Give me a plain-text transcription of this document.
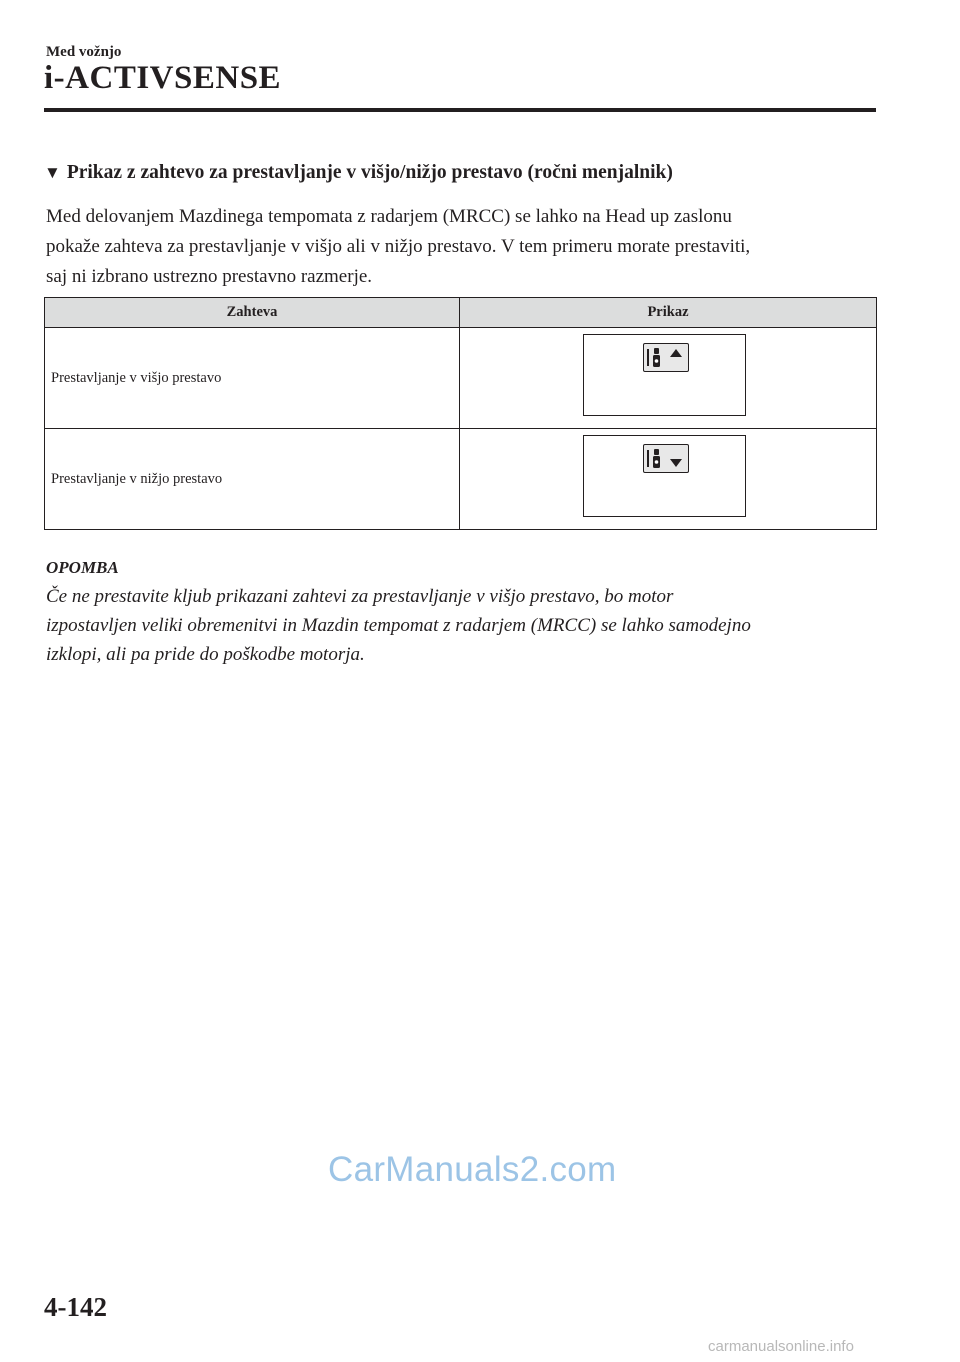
Med vožnjo
i-ACTIVSENSE
▼ Prikaz z zahtevo za prestavljanje v višjo/nižjo prestavo (ročni menjalnik)

Med delovanjem Mazdinega tempomata z radarjem (MRCC) se lahko na Head up zaslonu
pokaže zahteva za prestavljanje v višjo ali v nižjo prestavo. V tem primeru morate prestaviti,
saj ni izbrano ustrezno prestavno razmerje.

Zahteva	Prikaz
Prestavljanje v višjo prestavo	

Prestavljanje v nižjo prestavo	
OPOMBA

Če ne prestavite kljub prikazani zahtevi za prestavljanje v višjo prestavo, bo motor
izpostavljen veliki obremenitvi in Mazdin tempomat z radarjem (MRCC) se lahko samodejno
izklopi, ali pa pride do poškodbe motorja.

CarManuals2.com
4-142
carmanualsonline.info
